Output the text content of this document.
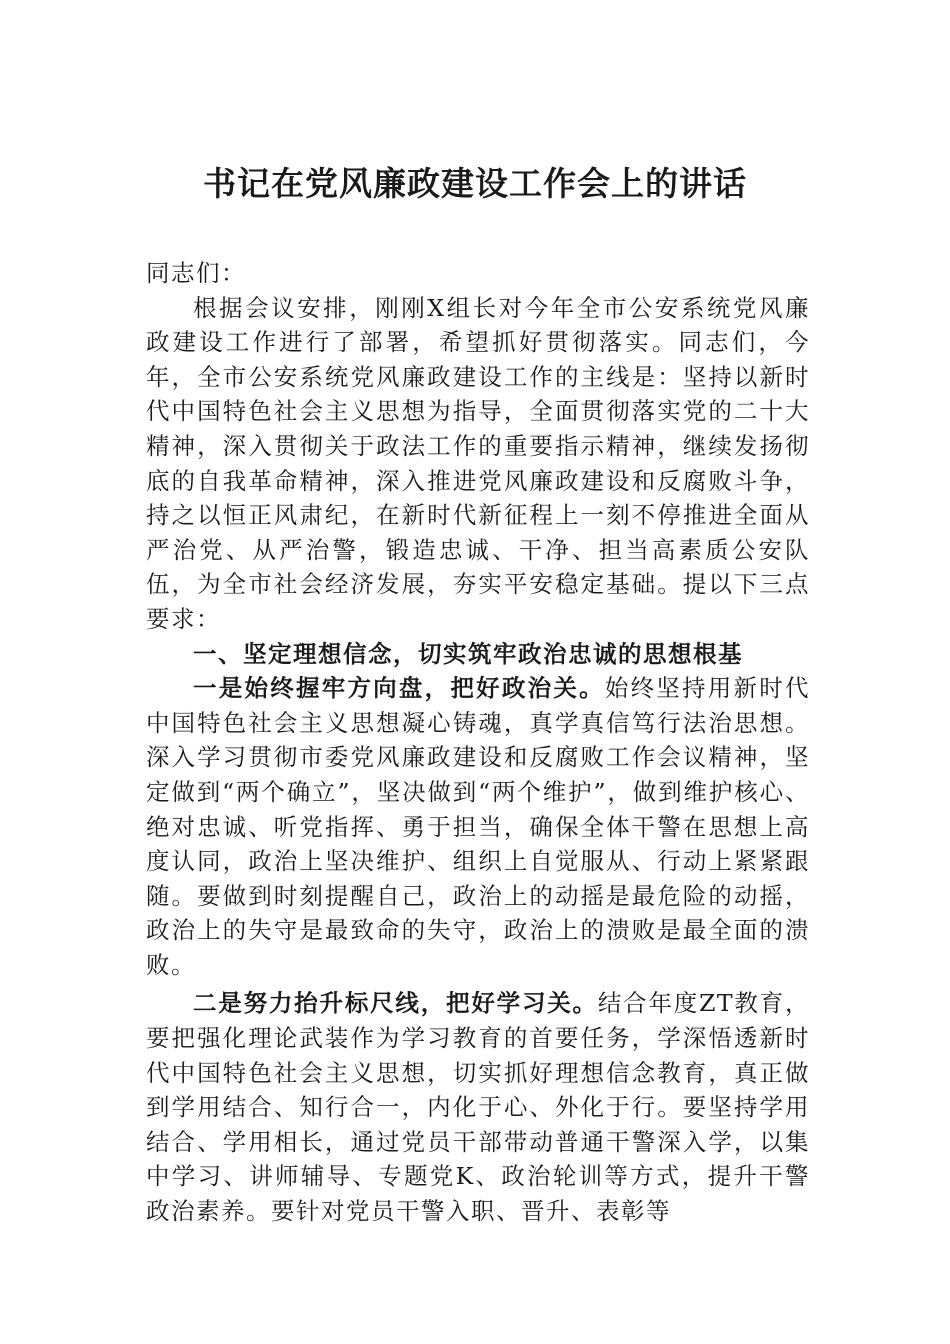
书记在党风廉政建设工作会上的讲话

同志们：

根据会议安排，刚刚X组长对今年全市公安系统党风廉政建设工作进行了部署，希望抓好贯彻落实。同志们，今年，全市公安系统党风廉政建设工作的主线是：坚持以新时代中国特色社会主义思想为指导，全面贯彻落实党的二十大精神，深入贯彻关于政法工作的重要指示精神，继续发扬彻底的自我革命精神，深入推进党风廉政建设和反腐败斗争，持之以恒正风肃纪，在新时代新征程上一刻不停推进全面从严治党、从严治警，锻造忠诚、干净、担当高素质公安队伍，为全市社会经济发展，夯实平安稳定基础。提以下三点要求：

一、坚定理想信念，切实筑牢政治忠诚的思想根基

一是始终握牢方向盘，把好政治关。始终坚持用新时代中国特色社会主义思想凝心铸魂，真学真信笃行法治思想。深入学习贯彻市委党风廉政建设和反腐败工作会议精神，坚定做到“两个确立”，坚决做到“两个维护”，做到维护核心、绝对忠诚、听党指挥、勇于担当，确保全体干警在思想上高度认同，政治上坚决维护、组织上自觉服从、行动上紧紧跟随。要做到时刻提醒自己，政治上的动摇是最危险的动摇，政治上的失守是最致命的失守，政治上的溃败是最全面的溃败。

二是努力抬升标尺线，把好学习关。结合年度ZT教育，要把强化理论武装作为学习教育的首要任务，学深悟透新时代中国特色社会主义思想，切实抓好理想信念教育，真正做到学用结合、知行合一，内化于心、外化于行。要坚持学用结合、学用相长，通过党员干部带动普通干警深入学，以集中学习、讲师辅导、专题党K、政治轮训等方式，提升干警政治素养。要针对党员干警入职、晋升、表彰等
